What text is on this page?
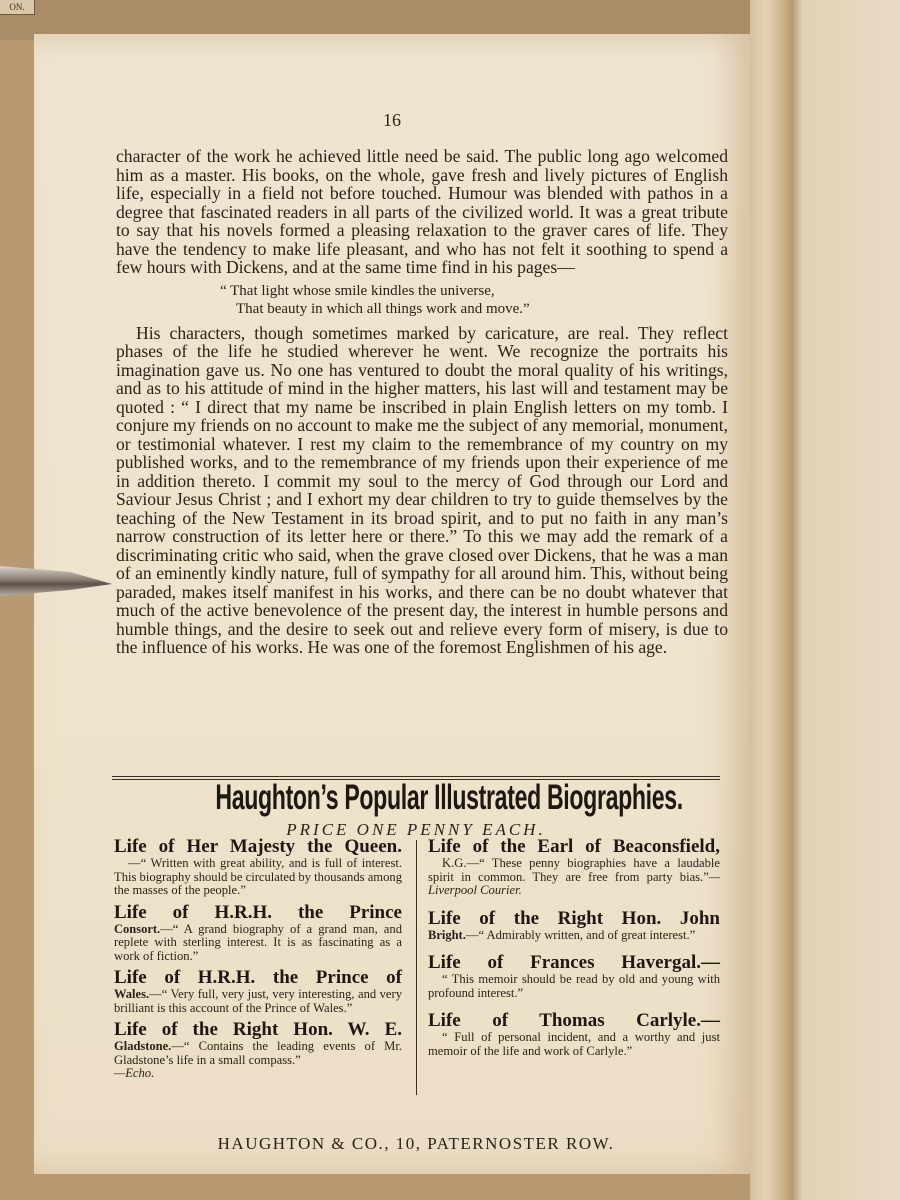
ON.
16

character of the work he achieved little need be said. The public long ago welcomed him as a master. His books, on the whole, gave fresh and lively pictures of English life, especially in a field not before touched. Humour was blended with pathos in a degree that fascinated readers in all parts of the civilized world. It was a great tribute to say that his novels formed a pleasing relaxation to the graver cares of life. They have the tendency to make life pleasant, and who has not felt it soothing to spend a few hours with Dickens, and at the same time find in his pages—

“ That light whose smile kindles the universe,
That beauty in which all things work and move.”

His characters, though sometimes marked by caricature, are real. They reflect phases of the life he studied wherever he went. We recognize the portraits his imagination gave us. No one has ventured to doubt the moral quality of his writings, and as to his attitude of mind in the higher matters, his last will and testament may be quoted : “ I direct that my name be inscribed in plain English letters on my tomb. I conjure my friends on no account to make me the subject of any memorial, monument, or testimonial whatever. I rest my claim to the remembrance of my country on my published works, and to the remembrance of my friends upon their experience of me in addition thereto. I commit my soul to the mercy of God through our Lord and Saviour Jesus Christ ; and I exhort my dear children to try to guide themselves by the teaching of the New Testament in its broad spirit, and to put no faith in any man’s narrow construction of its letter here or there.” To this we may add the remark of a discriminating critic who said, when the grave closed over Dickens, that he was a man of an eminently kindly nature, full of sympathy for all around him. This, without being paraded, makes itself manifest in his works, and there can be no doubt whatever that much of the active benevolence of the present day, the interest in humble persons and humble things, and the desire to seek out and relieve every form of misery, is due to the influence of his works. He was one of the foremost Englishmen of his age.

Haughton’s Popular Illustrated Biographies.
PRICE ONE PENNY EACH.
Life of Her Majesty the Queen.
—“ Written with great ability, and is full of interest. This biography should be circulated by thousands among the masses of the people.”
Life of H.R.H. the Prince
Consort.—“ A grand biography of a grand man, and replete with sterling interest. It is as fascinating as a work of fiction.”
Life of H.R.H. the Prince of
Wales.—“ Very full, very just, very interesting, and very brilliant is this account of the Prince of Wales.”
Life of the Right Hon. W. E.
Gladstone.—“ Contains the leading events of Mr. Gladstone’s life in a small compass.”
—Echo.
Life of the Earl of Beaconsfield,
K.G.—“ These penny biographies have a laudable spirit in common. They are free from party bias.”—Liverpool Courier.
Life of the Right Hon. John
Bright.—“ Admirably written, and of great interest.”
Life of Frances Havergal.—
“ This memoir should be read by old and young with profound interest.”
Life of Thomas Carlyle.—
“ Full of personal incident, and a worthy and just memoir of the life and work of Carlyle.”
HAUGHTON & CO., 10, PATERNOSTER ROW.
